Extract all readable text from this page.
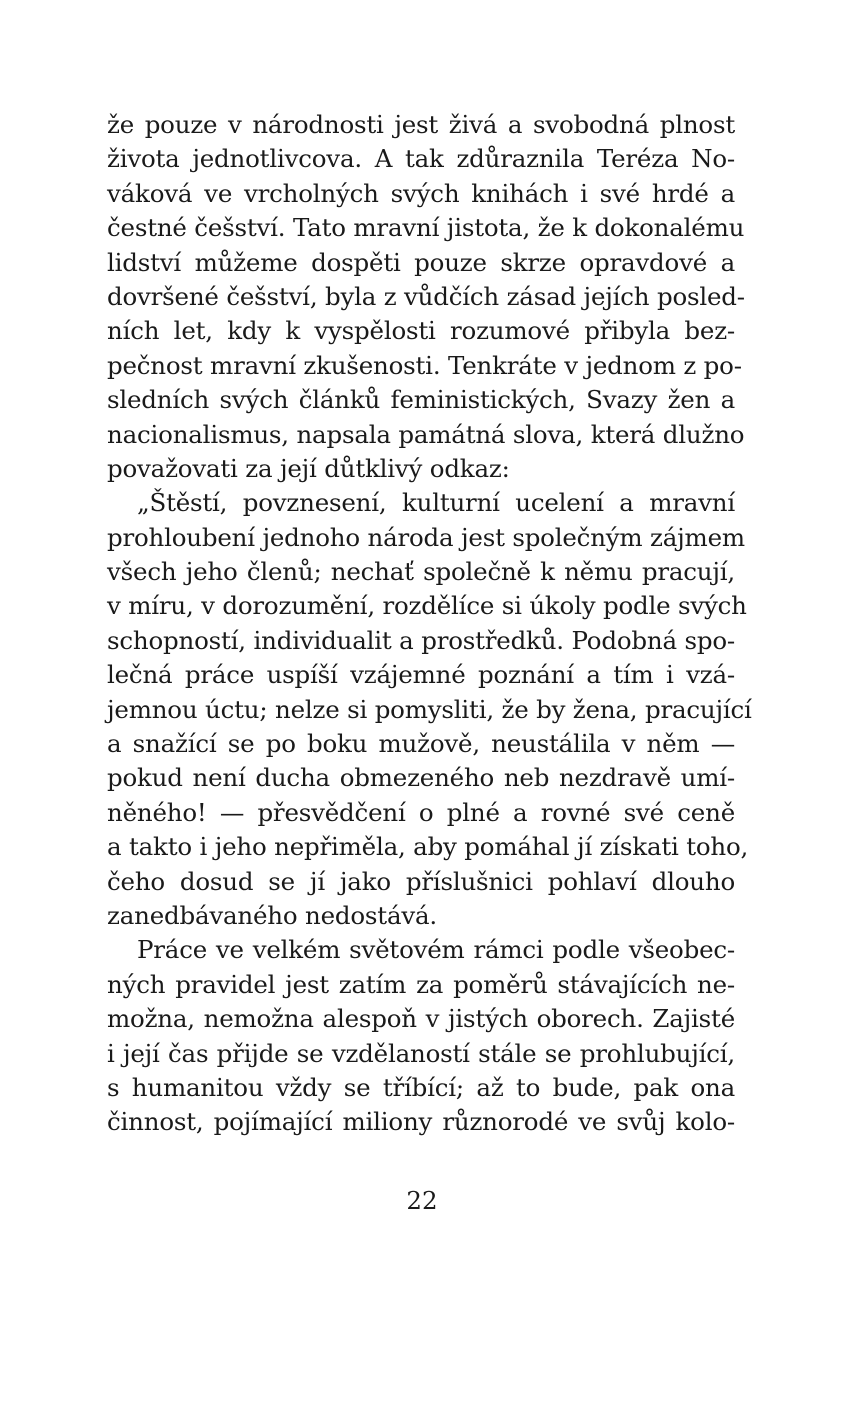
že pouze v národnosti jest živá a svobodná plnost
života jednotlivcova. A tak zdůraznila Teréza No-
váková ve vrcholných svých knihách i své hrdé a
čestné češství. Tato mravní jistota, že k dokonalému
lidství můžeme dospěti pouze skrze opravdové a
dovršené češství, byla z vůdčích zásad jejích posled-
ních let, kdy k vyspělosti rozumové přibyla bez-
pečnost mravní zkušenosti. Tenkráte v jednom z po-
sledních svých článků feministických, Svazy žen a
nacionalismus, napsala památná slova, která dlužno
považovati za její důtklivý odkaz:
„Štěstí, povznesení, kulturní ucelení a mravní
prohloubení jednoho národa jest společným zájmem
všech jeho členů; nechať společně k němu pracují,
v míru, v dorozumění, rozdělíce si úkoly podle svých
schopností, individualit a prostředků. Podobná spo-
lečná práce uspíší vzájemné poznání a tím i vzá-
jemnou úctu; nelze si pomysliti, že by žena, pracující
a snažící se po boku mužově, neustálila v něm —
pokud není ducha obmezeného neb nezdravě umí-
něného! — přesvědčení o plné a rovné své ceně
a takto i jeho nepřiměla, aby pomáhal jí získati toho,
čeho dosud se jí jako příslušnici pohlaví dlouho
zanedbávaného nedostává.
Práce ve velkém světovém rámci podle všeobec-
ných pravidel jest zatím za poměrů stávajících ne-
možna, nemožna alespoň v jistých oborech. Zajisté
i její čas přijde se vzdělaností stále se prohlubující,
s humanitou vždy se tříbící; až to bude, pak ona
činnost, pojímající miliony různorodé ve svůj kolo-
22
